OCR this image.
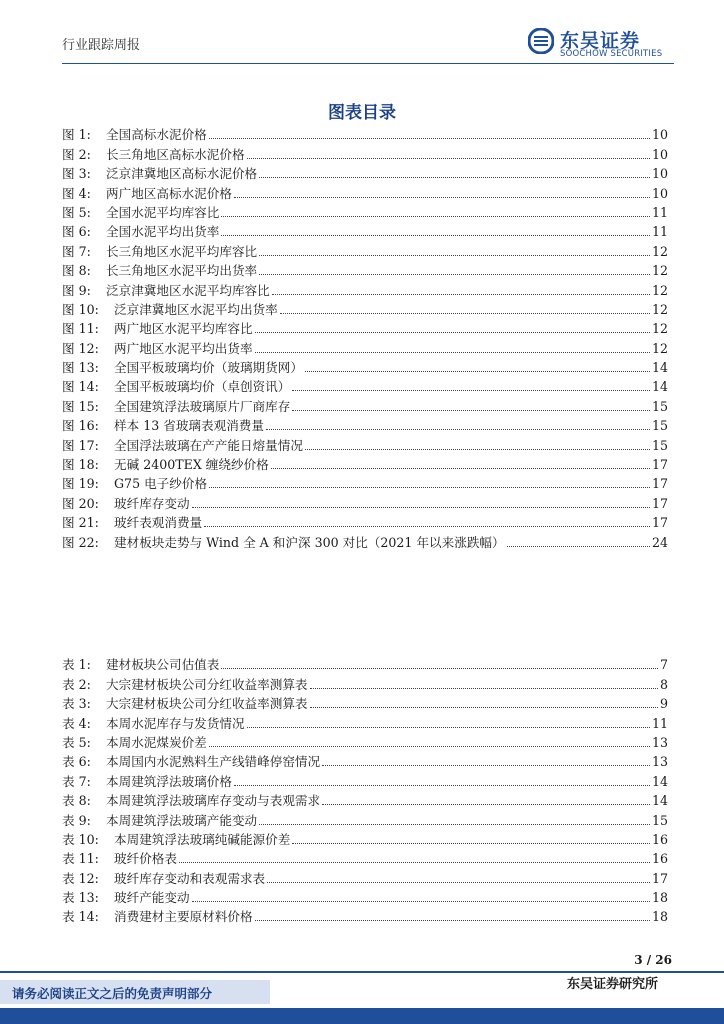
行业跟踪周报	东吴证券
SOOCHOW SECURITIES
图表目录
图 1:	全国高标水泥价格	10
图 2:	长三角地区高标水泥价格	10
图 3:	泛京津冀地区高标水泥价格	10
图 4:	两广地区高标水泥价格	10
图 5:	全国水泥平均库容比	11
图 6:	全国水泥平均出货率	11
图 7:	长三角地区水泥平均库容比	12
图 8:	长三角地区水泥平均出货率	12
图 9:	泛京津冀地区水泥平均库容比	12
图 10:	泛京津冀地区水泥平均出货率	12
图 11:	两广地区水泥平均库容比	12
图 12:	两广地区水泥平均出货率	12
图 13:	全国平板玻璃均价（玻璃期货网）	14
图 14:	全国平板玻璃均价（卓创资讯）	14
图 15:	全国建筑浮法玻璃原片厂商库存	15
图 16:	样本 13 省玻璃表观消费量	15
图 17:	全国浮法玻璃在产产能日熔量情况	15
图 18:	无碱 2400TEX 缠绕纱价格	17
图 19:	G75 电子纱价格	17
图 20:	玻纤库存变动	17
图 21:	玻纤表观消费量	17
图 22:	建材板块走势与 Wind 全 A 和沪深 300 对比（2021 年以来涨跌幅）	24
表 1:	建材板块公司估值表	7
表 2:	大宗建材板块公司分红收益率测算表	8
表 3:	大宗建材板块公司分红收益率测算表	9
表 4:	本周水泥库存与发货情况	11
表 5:	本周水泥煤炭价差	13
表 6:	本周国内水泥熟料生产线错峰停窑情况	13
表 7:	本周建筑浮法玻璃价格	14
表 8:	本周建筑浮法玻璃库存变动与表观需求	14
表 9:	本周建筑浮法玻璃产能变动	15
表 10:	本周建筑浮法玻璃纯碱能源价差	16
表 11:	玻纤价格表	16
表 12:	玻纤库存变动和表观需求表	17
表 13:	玻纤产能变动	18
表 14:	消费建材主要原材料价格	18
3 / 26
请务必阅读正文之后的免责声明部分
东吴证券研究所
